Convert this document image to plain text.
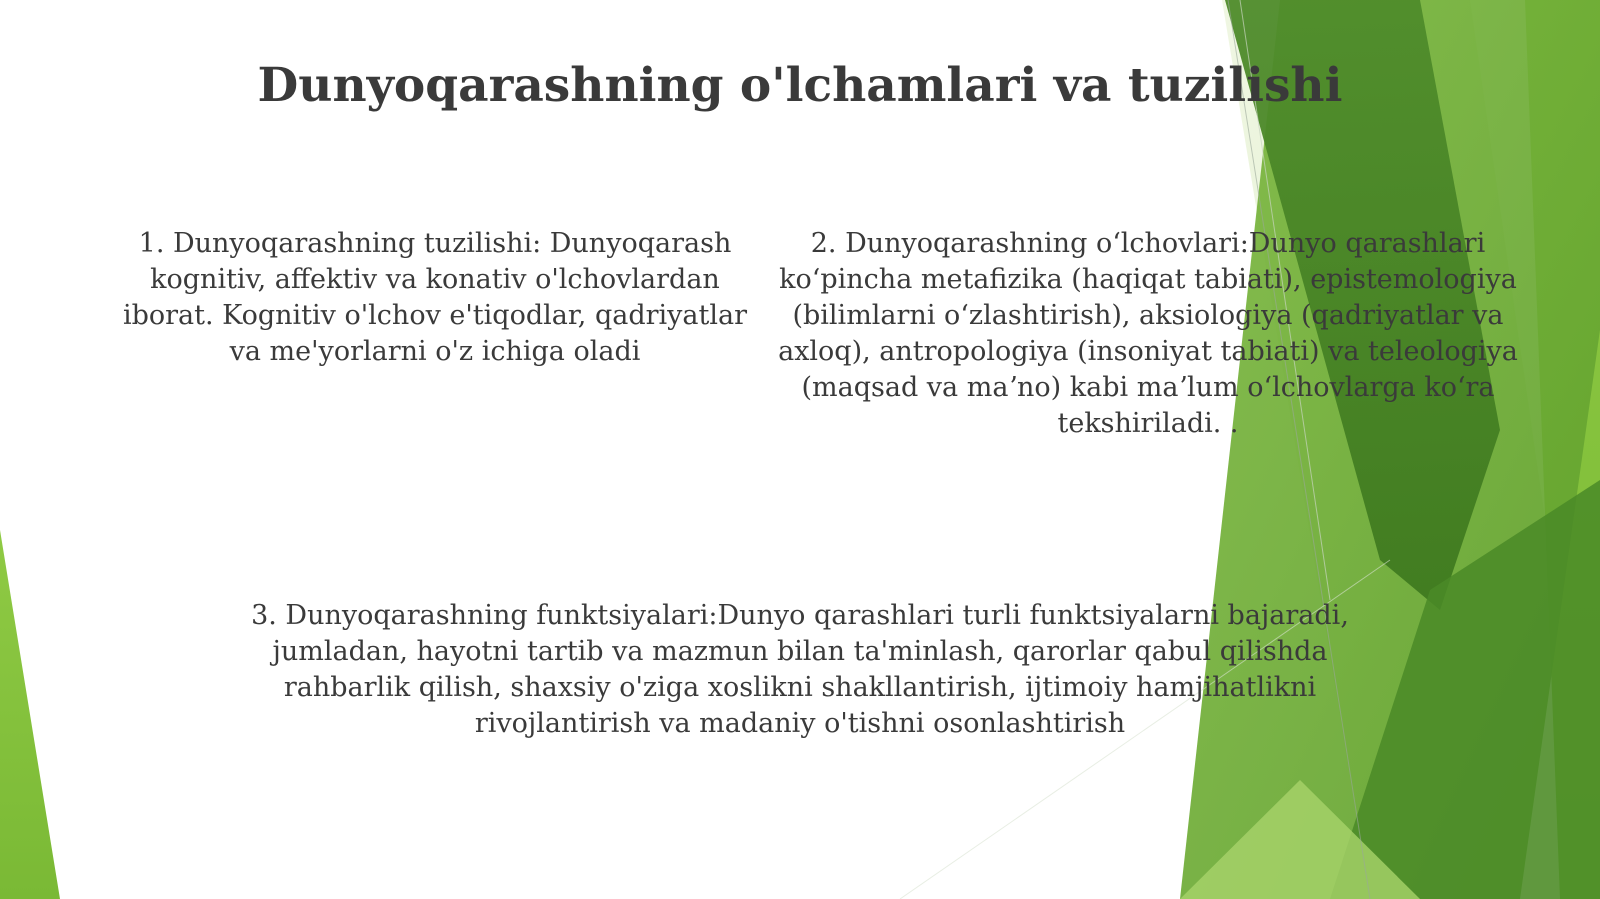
Dunyoqarashning o'lchamlari va tuzilishi

1. Dunyoqarashning tuzilishi: Dunyoqarash kognitiv, affektiv va konativ o'lchovlardan iborat. Kognitiv o'lchov e'tiqodlar, qadriyatlar va me'yorlarni o'z ichiga oladi

2. Dunyoqarashning oʻlchovlari:Dunyo qarashlari koʻpincha metafizika (haqiqat tabiati), epistemologiya (bilimlarni oʻzlashtirish), aksiologiya (qadriyatlar va axloq), antropologiya (insoniyat tabiati) va teleologiya (maqsad va maʼno) kabi maʼlum oʻlchovlarga koʻra tekshiriladi. .

3. Dunyoqarashning funktsiyalari:Dunyo qarashlari turli funktsiyalarni bajaradi, jumladan, hayotni tartib va mazmun bilan ta'minlash, qarorlar qabul qilishda rahbarlik qilish, shaxsiy o'ziga xoslikni shakllantirish, ijtimoiy hamjihatlikni rivojlantirish va madaniy o'tishni osonlashtirish
